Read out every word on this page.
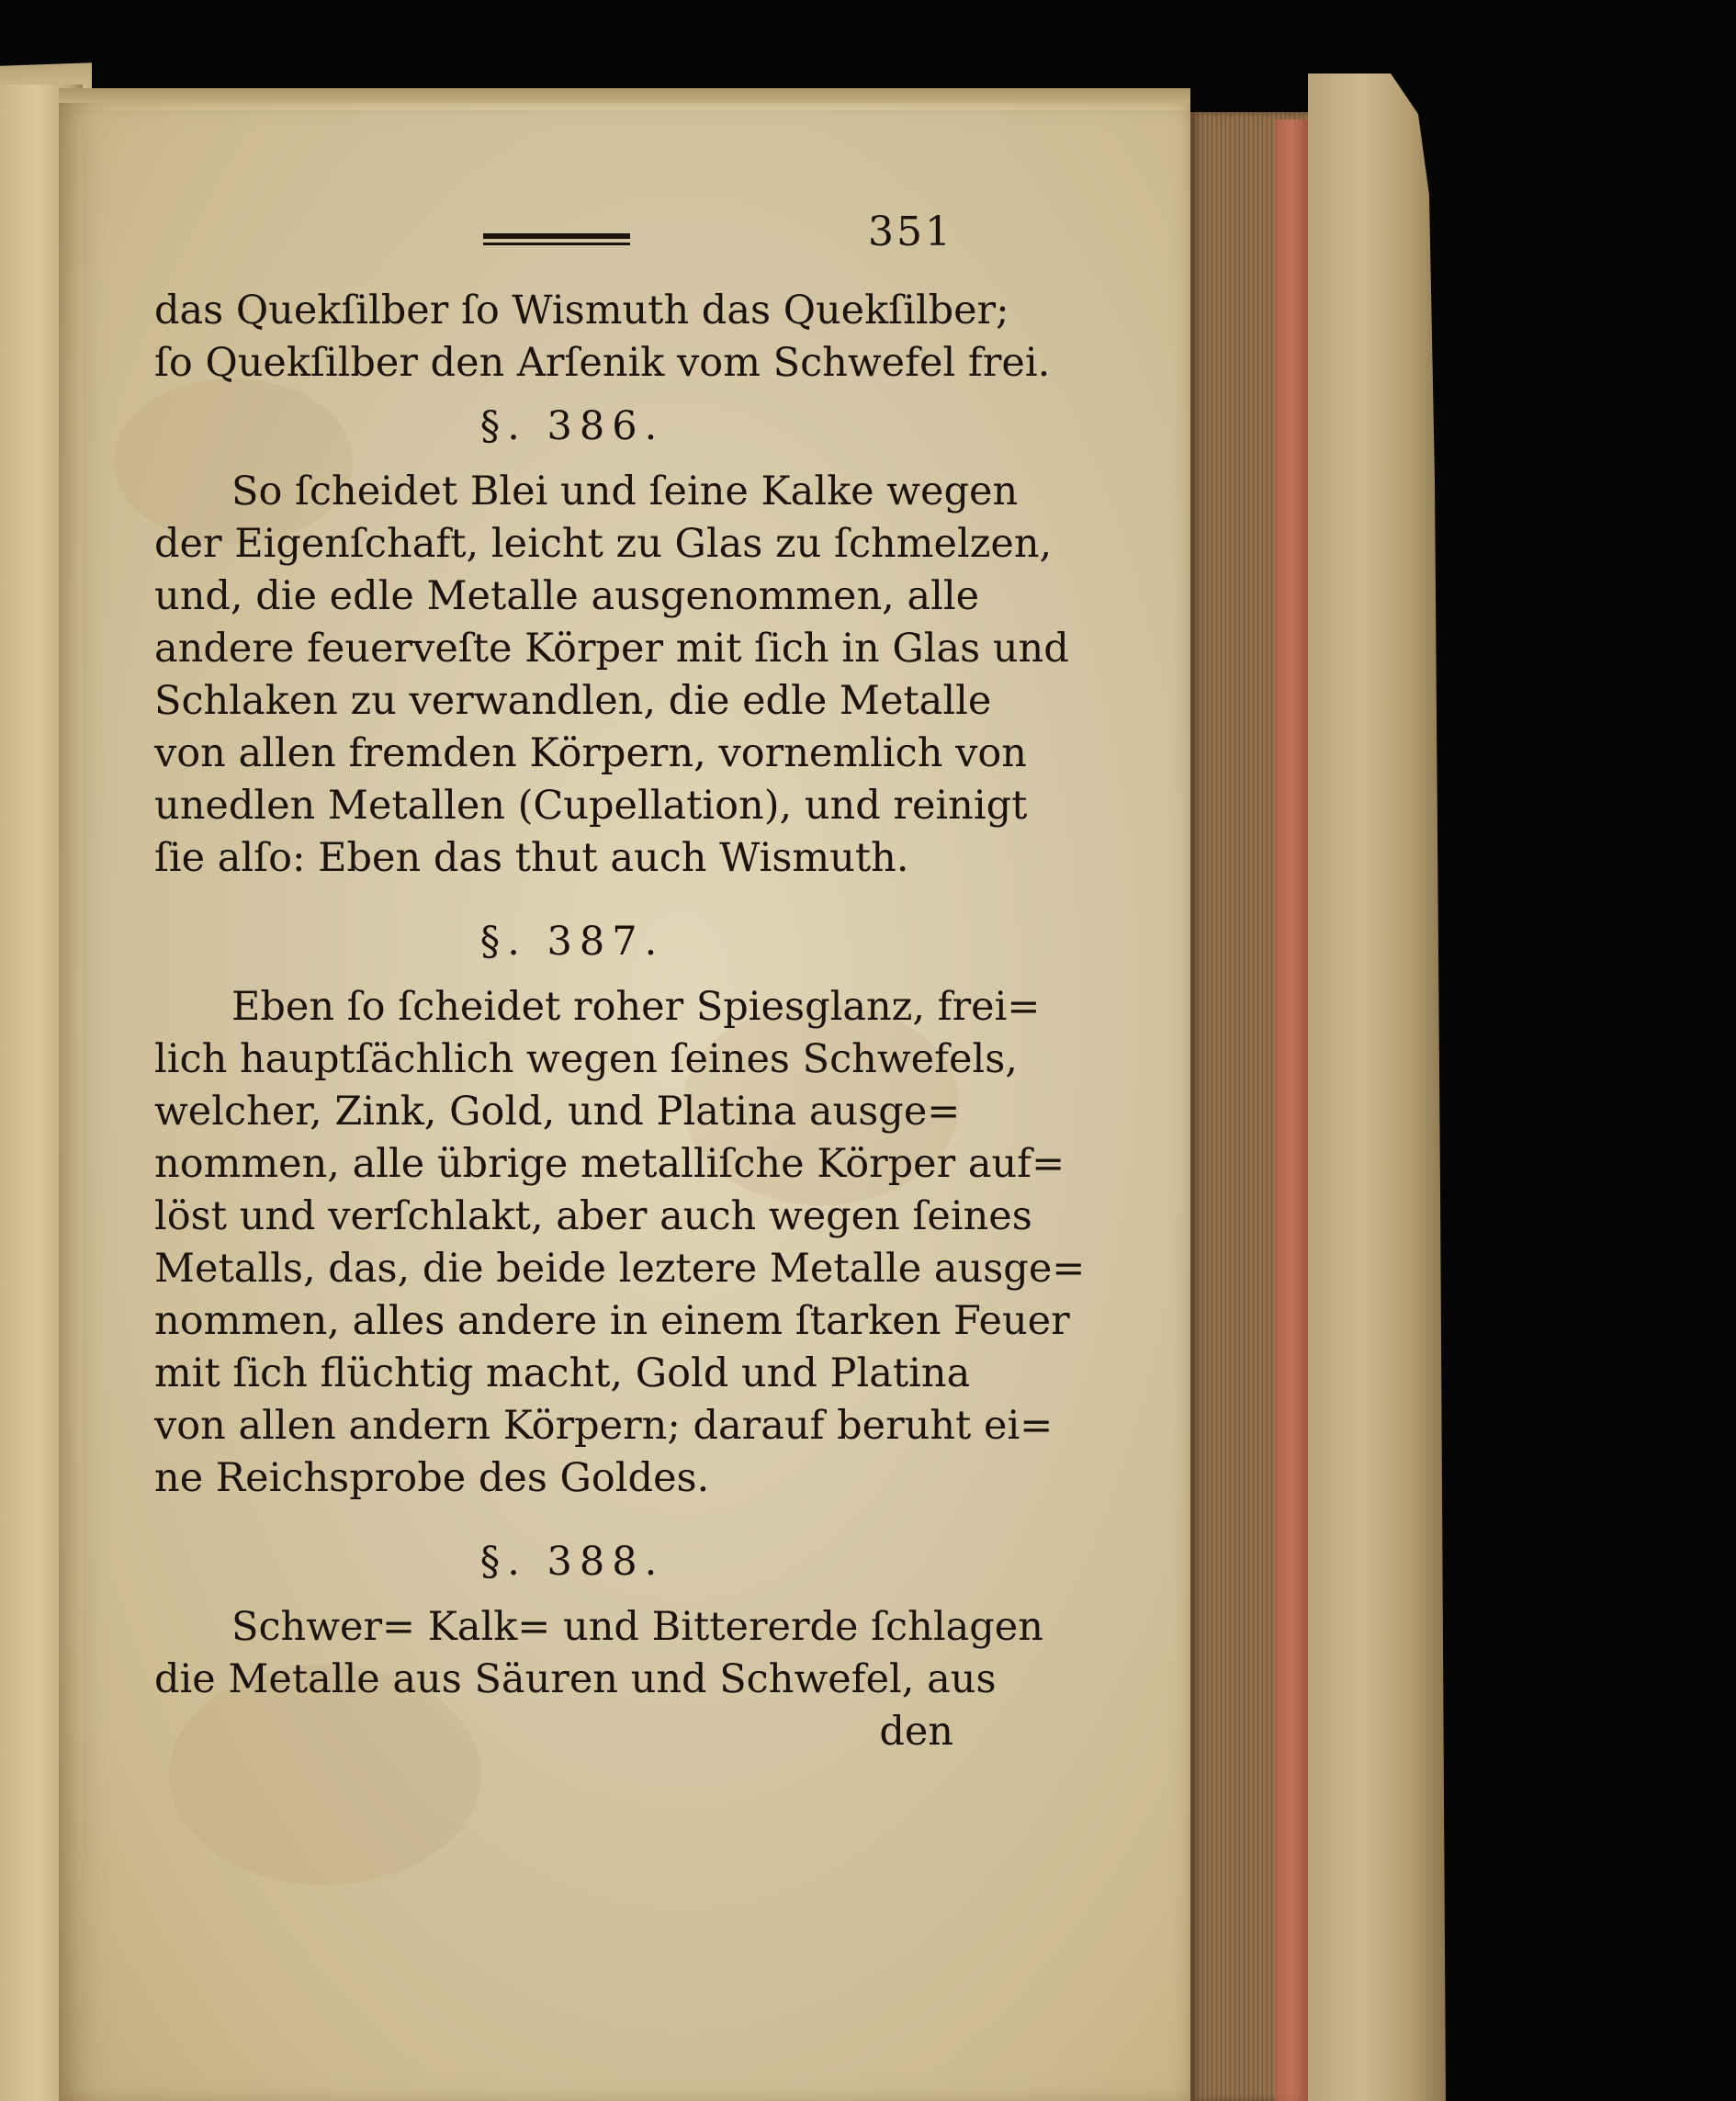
351
das Quekſilber ſo Wismuth das Quekſilber;
ſo Quekſilber den Arſenik vom Schwefel frei.
§. 386.
So ſcheidet Blei und ſeine Kalke wegen
der Eigenſchaft, leicht zu Glas zu ſchmelzen,
und, die edle Metalle ausgenommen, alle
andere feuerveſte Körper mit ſich in Glas und
Schlaken zu verwandlen, die edle Metalle
von allen fremden Körpern, vornemlich von
unedlen Metallen (Cupellation), und reinigt
ſie alſo: Eben das thut auch Wismuth.
§. 387.
Eben ſo ſcheidet roher Spiesglanz, frei=
lich hauptſächlich wegen ſeines Schwefels,
welcher, Zink, Gold, und Platina ausge=
nommen, alle übrige metalliſche Körper auf=
löst und verſchlakt, aber auch wegen ſeines
Metalls, das, die beide leztere Metalle ausge=
nommen, alles andere in einem ſtarken Feuer
mit ſich flüchtig macht, Gold und Platina
von allen andern Körpern; darauf beruht ei=
ne Reichsprobe des Goldes.
§. 388.
Schwer= Kalk= und Bittererde ſchlagen
die Metalle aus Säuren und Schwefel, aus
den
